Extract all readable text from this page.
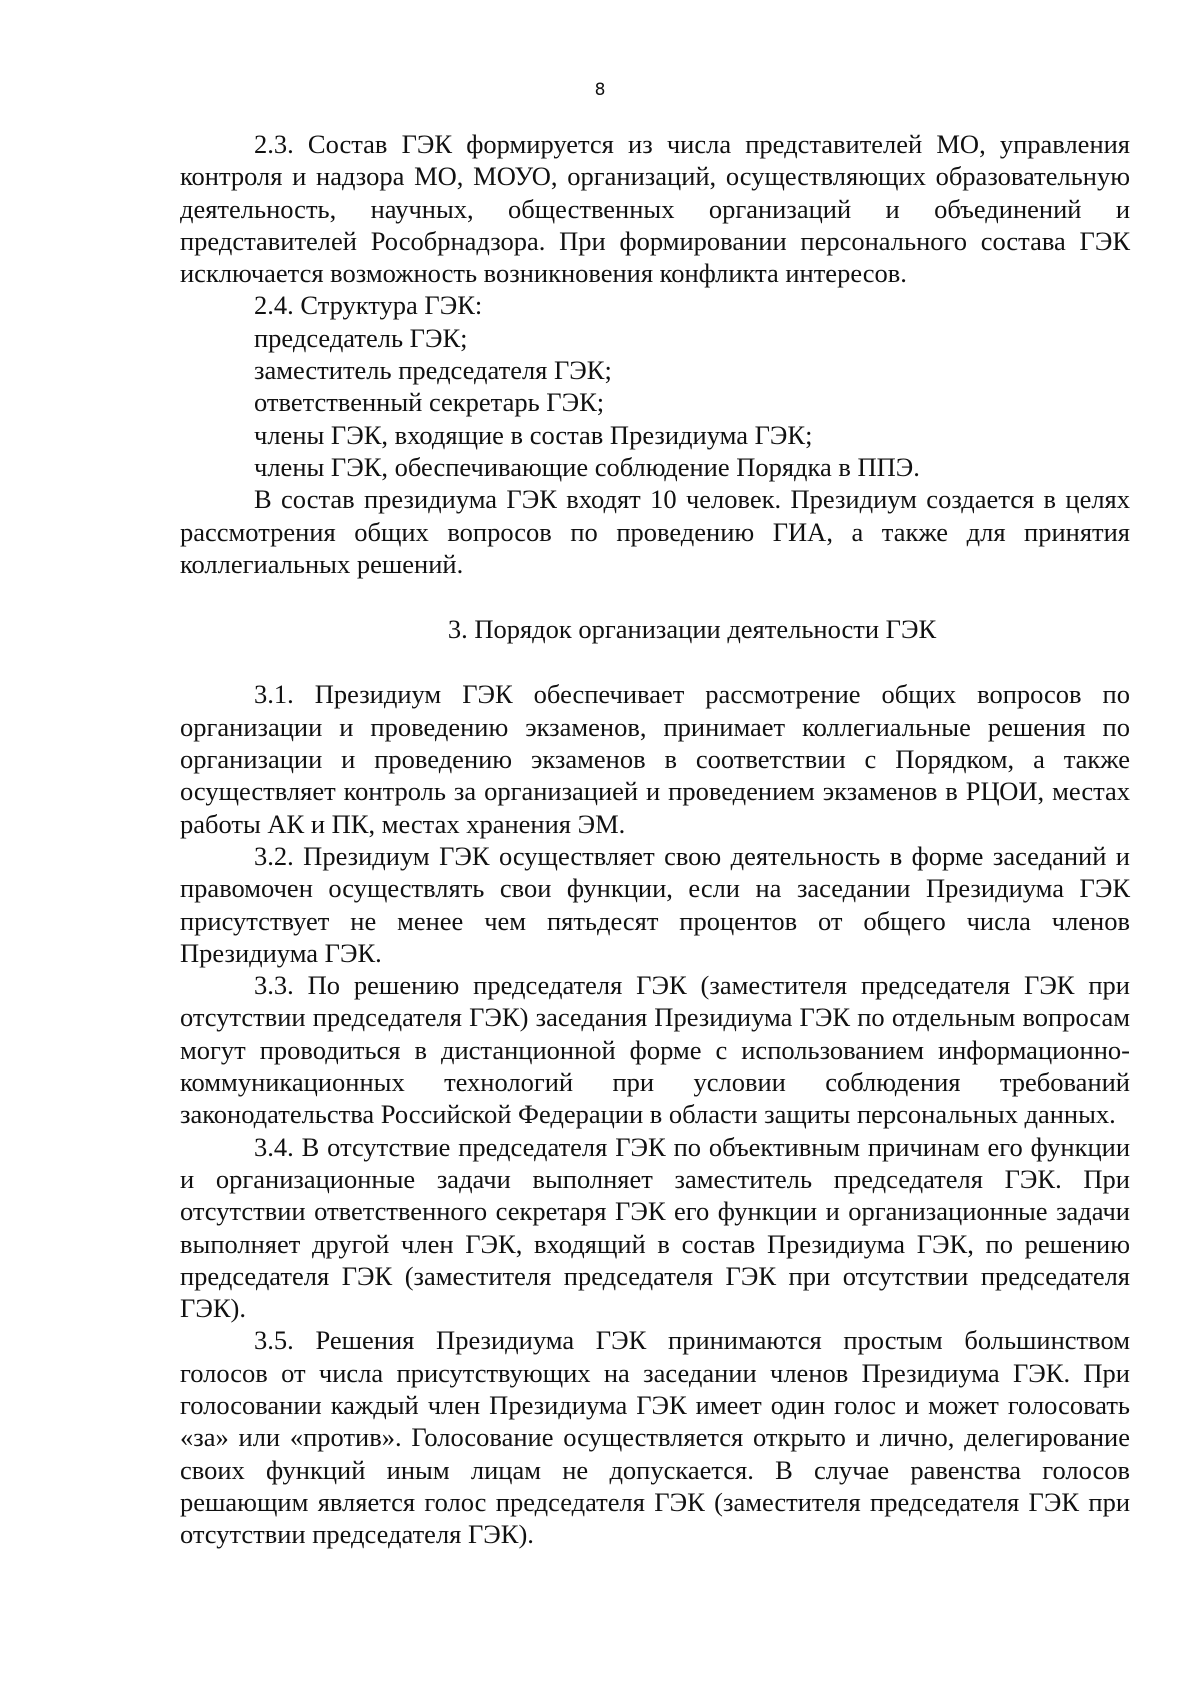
8

2.3. Состав ГЭК формируется из числа представителей МО, управления контроля и надзора МО, МОУО, организаций, осуществляющих образовательную деятельность, научных, общественных организаций и объединений и представителей Рособрнадзора. При формировании персонального состава ГЭК исключается возможность возникновения конфликта интересов.

2.4. Структура ГЭК:

председатель ГЭК;

заместитель председателя ГЭК;

ответственный секретарь ГЭК;

члены ГЭК, входящие в состав Президиума ГЭК;

члены ГЭК, обеспечивающие соблюдение Порядка в ППЭ.

В состав президиума ГЭК входят 10 человек. Президиум создается в целях рассмотрения общих вопросов по проведению ГИА, а также для принятия коллегиальных решений.

3. Порядок организации деятельности ГЭК

3.1. Президиум ГЭК обеспечивает рассмотрение общих вопросов по организации и проведению экзаменов, принимает коллегиальные решения по организации и проведению экзаменов в соответствии с Порядком, а также осуществляет контроль за организацией и проведением экзаменов в РЦОИ, местах работы АК и ПК, местах хранения ЭМ.

3.2. Президиум ГЭК осуществляет свою деятельность в форме заседаний и правомочен осуществлять свои функции, если на заседании Президиума ГЭК присутствует не менее чем пятьдесят процентов от общего числа членов Президиума ГЭК.

3.3. По решению председателя ГЭК (заместителя председателя ГЭК при отсутствии председателя ГЭК) заседания Президиума ГЭК по отдельным вопросам могут проводиться в дистанционной форме с использованием информационно-коммуникационных технологий при условии соблюдения требований законодательства Российской Федерации в области защиты персональных данных.

3.4. В отсутствие председателя ГЭК по объективным причинам его функции и организационные задачи выполняет заместитель председателя ГЭК. При отсутствии ответственного секретаря ГЭК его функции и организационные задачи выполняет другой член ГЭК, входящий в состав Президиума ГЭК, по решению председателя ГЭК (заместителя председателя ГЭК при отсутствии председателя ГЭК).

3.5. Решения Президиума ГЭК принимаются простым большинством голосов от числа присутствующих на заседании членов Президиума ГЭК. При голосовании каждый член Президиума ГЭК имеет один голос и может голосовать «за» или «против». Голосование осуществляется открыто и лично, делегирование своих функций иным лицам не допускается. В случае равенства голосов решающим является голос председателя ГЭК (заместителя председателя ГЭК при отсутствии председателя ГЭК).
